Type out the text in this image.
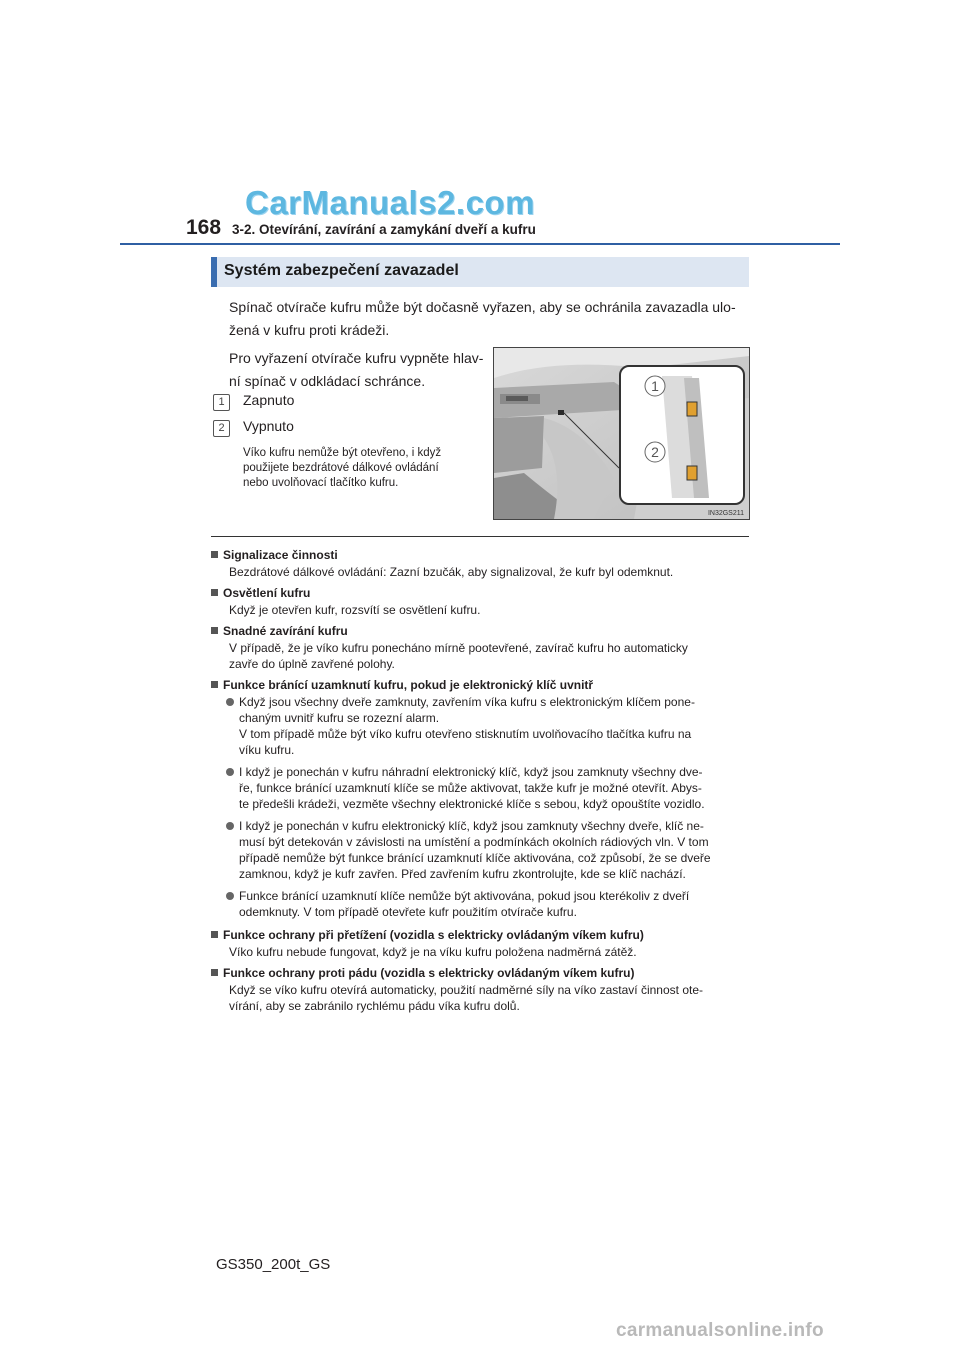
CarManuals2.com
168 3-2. Otevírání, zavírání a zamykání dveří a kufru
Systém zabezpečení zavazadel
Spínač otvírače kufru může být dočasně vyřazen, aby se ochránila zavazadla ulo-
žená v kufru proti krádeži.
Pro vyřazení otvírače kufru vypněte hlav-
ní spínač v odkládací schránce.
1	Zapnuto
2	Vypnuto
Víko kufru nemůže být otevřeno, i když
použijete bezdrátové dálkové ovládání
nebo uvolňovací tlačítko kufru.
1
2
IN32GS211
Signalizace činnosti
Bezdrátové dálkové ovládání: Zazní bzučák, aby signalizoval, že kufr byl odemknut.
Osvětlení kufru
Když je otevřen kufr, rozsvítí se osvětlení kufru.
Snadné zavírání kufru
V případě, že je víko kufru ponecháno mírně pootevřené, zavírač kufru ho automaticky
zavře do úplně zavřené polohy.
Funkce bránící uzamknutí kufru, pokud je elektronický klíč uvnitř
Když jsou všechny dveře zamknuty, zavřením víka kufru s elektronickým klíčem pone-
chaným uvnitř kufru se rozezní alarm.
V tom případě může být víko kufru otevřeno stisknutím uvolňovacího tlačítka kufru na
víku kufru.
I když je ponechán v kufru náhradní elektronický klíč, když jsou zamknuty všechny dve-
ře, funkce bránící uzamknutí klíče se může aktivovat, takže kufr je možné otevřít. Abys-
te předešli krádeži, vezměte všechny elektronické klíče s sebou, když opouštíte vozidlo.
I když je ponechán v kufru elektronický klíč, když jsou zamknuty všechny dveře, klíč ne-
musí být detekován v závislosti na umístění a podmínkách okolních rádiových vln. V tom
případě nemůže být funkce bránící uzamknutí klíče aktivována, což způsobí, že se dveře
zamknou, když je kufr zavřen. Před zavřením kufru zkontrolujte, kde se klíč nachází.
Funkce bránící uzamknutí klíče nemůže být aktivována, pokud jsou kterékoliv z dveří
odemknuty. V tom případě otevřete kufr použitím otvírače kufru.
Funkce ochrany při přetížení (vozidla s elektricky ovládaným víkem kufru)
Víko kufru nebude fungovat, když je na víku kufru položena nadměrná zátěž.
Funkce ochrany proti pádu (vozidla s elektricky ovládaným víkem kufru)
Když se víko kufru otevírá automaticky, použití nadměrné síly na víko zastaví činnost ote-
vírání, aby se zabránilo rychlému pádu víka kufru dolů.
GS350_200t_GS
carmanualsonline.info
